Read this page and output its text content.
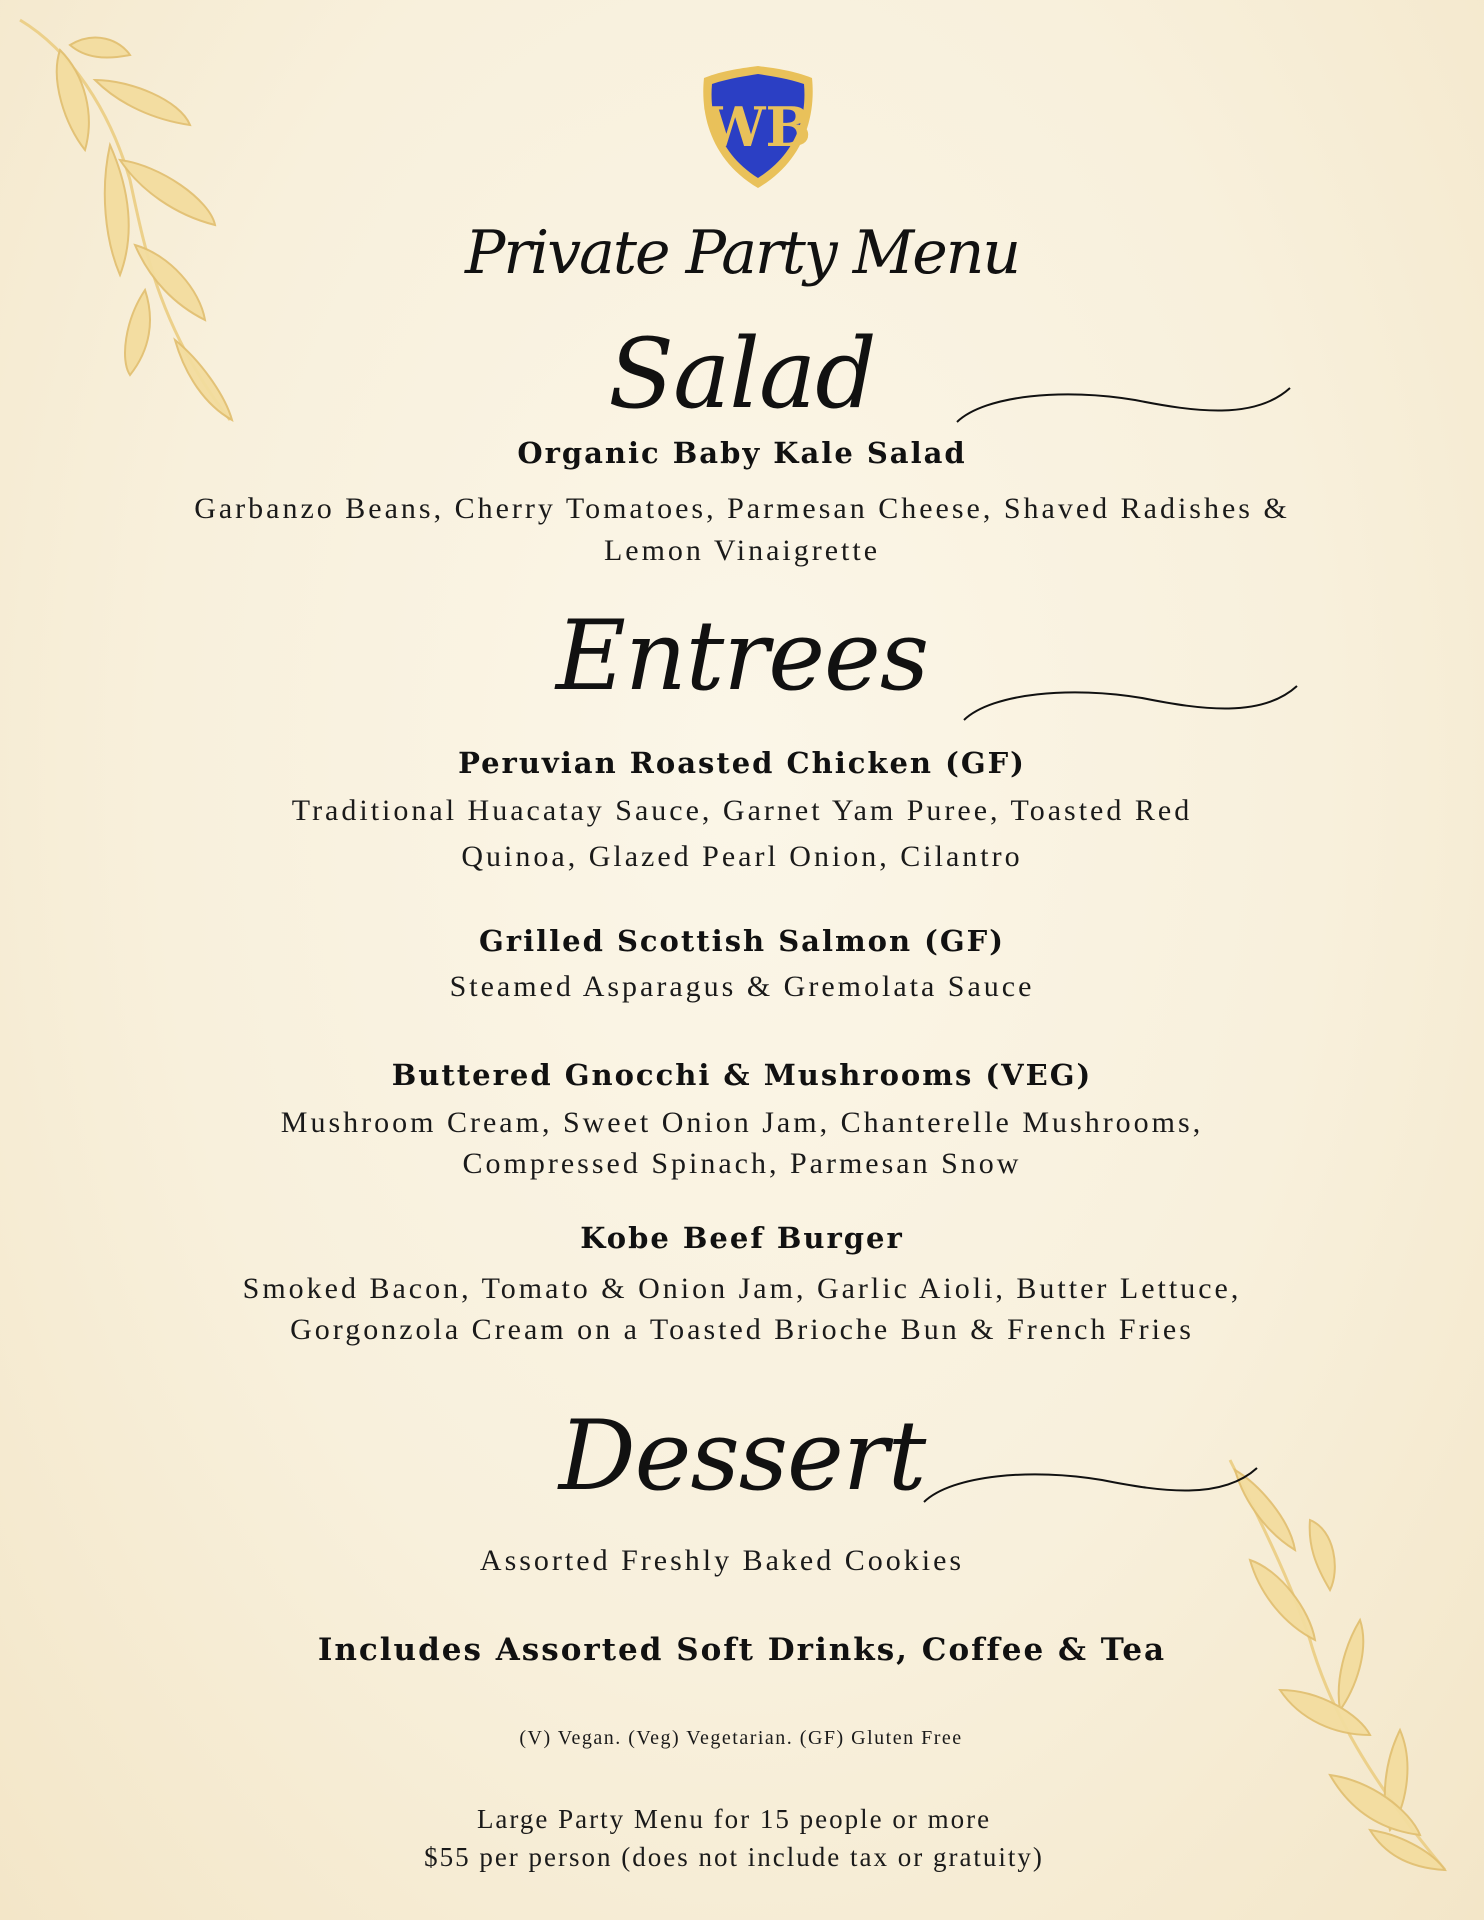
WB
Private Party Menu
Salad
Organic Baby Kale Salad
Garbanzo Beans, Cherry Tomatoes, Parmesan Cheese, Shaved Radishes &
Lemon Vinaigrette
Entrees
Peruvian Roasted Chicken (GF)
Traditional Huacatay Sauce, Garnet Yam Puree, Toasted Red
Quinoa, Glazed Pearl Onion, Cilantro
Grilled Scottish Salmon (GF)
Steamed Asparagus & Gremolata Sauce
Buttered Gnocchi & Mushrooms (VEG)
Mushroom Cream, Sweet Onion Jam, Chanterelle Mushrooms,
Compressed Spinach, Parmesan Snow
Kobe Beef Burger
Smoked Bacon, Tomato & Onion Jam, Garlic Aioli, Butter Lettuce,
Gorgonzola Cream on a Toasted Brioche Bun & French Fries
Dessert
Assorted Freshly Baked Cookies
Includes Assorted Soft Drinks, Coffee & Tea
(V) Vegan. (Veg) Vegetarian. (GF) Gluten Free
Large Party Menu for 15 people or more
$55 per person (does not include tax or gratuity)
